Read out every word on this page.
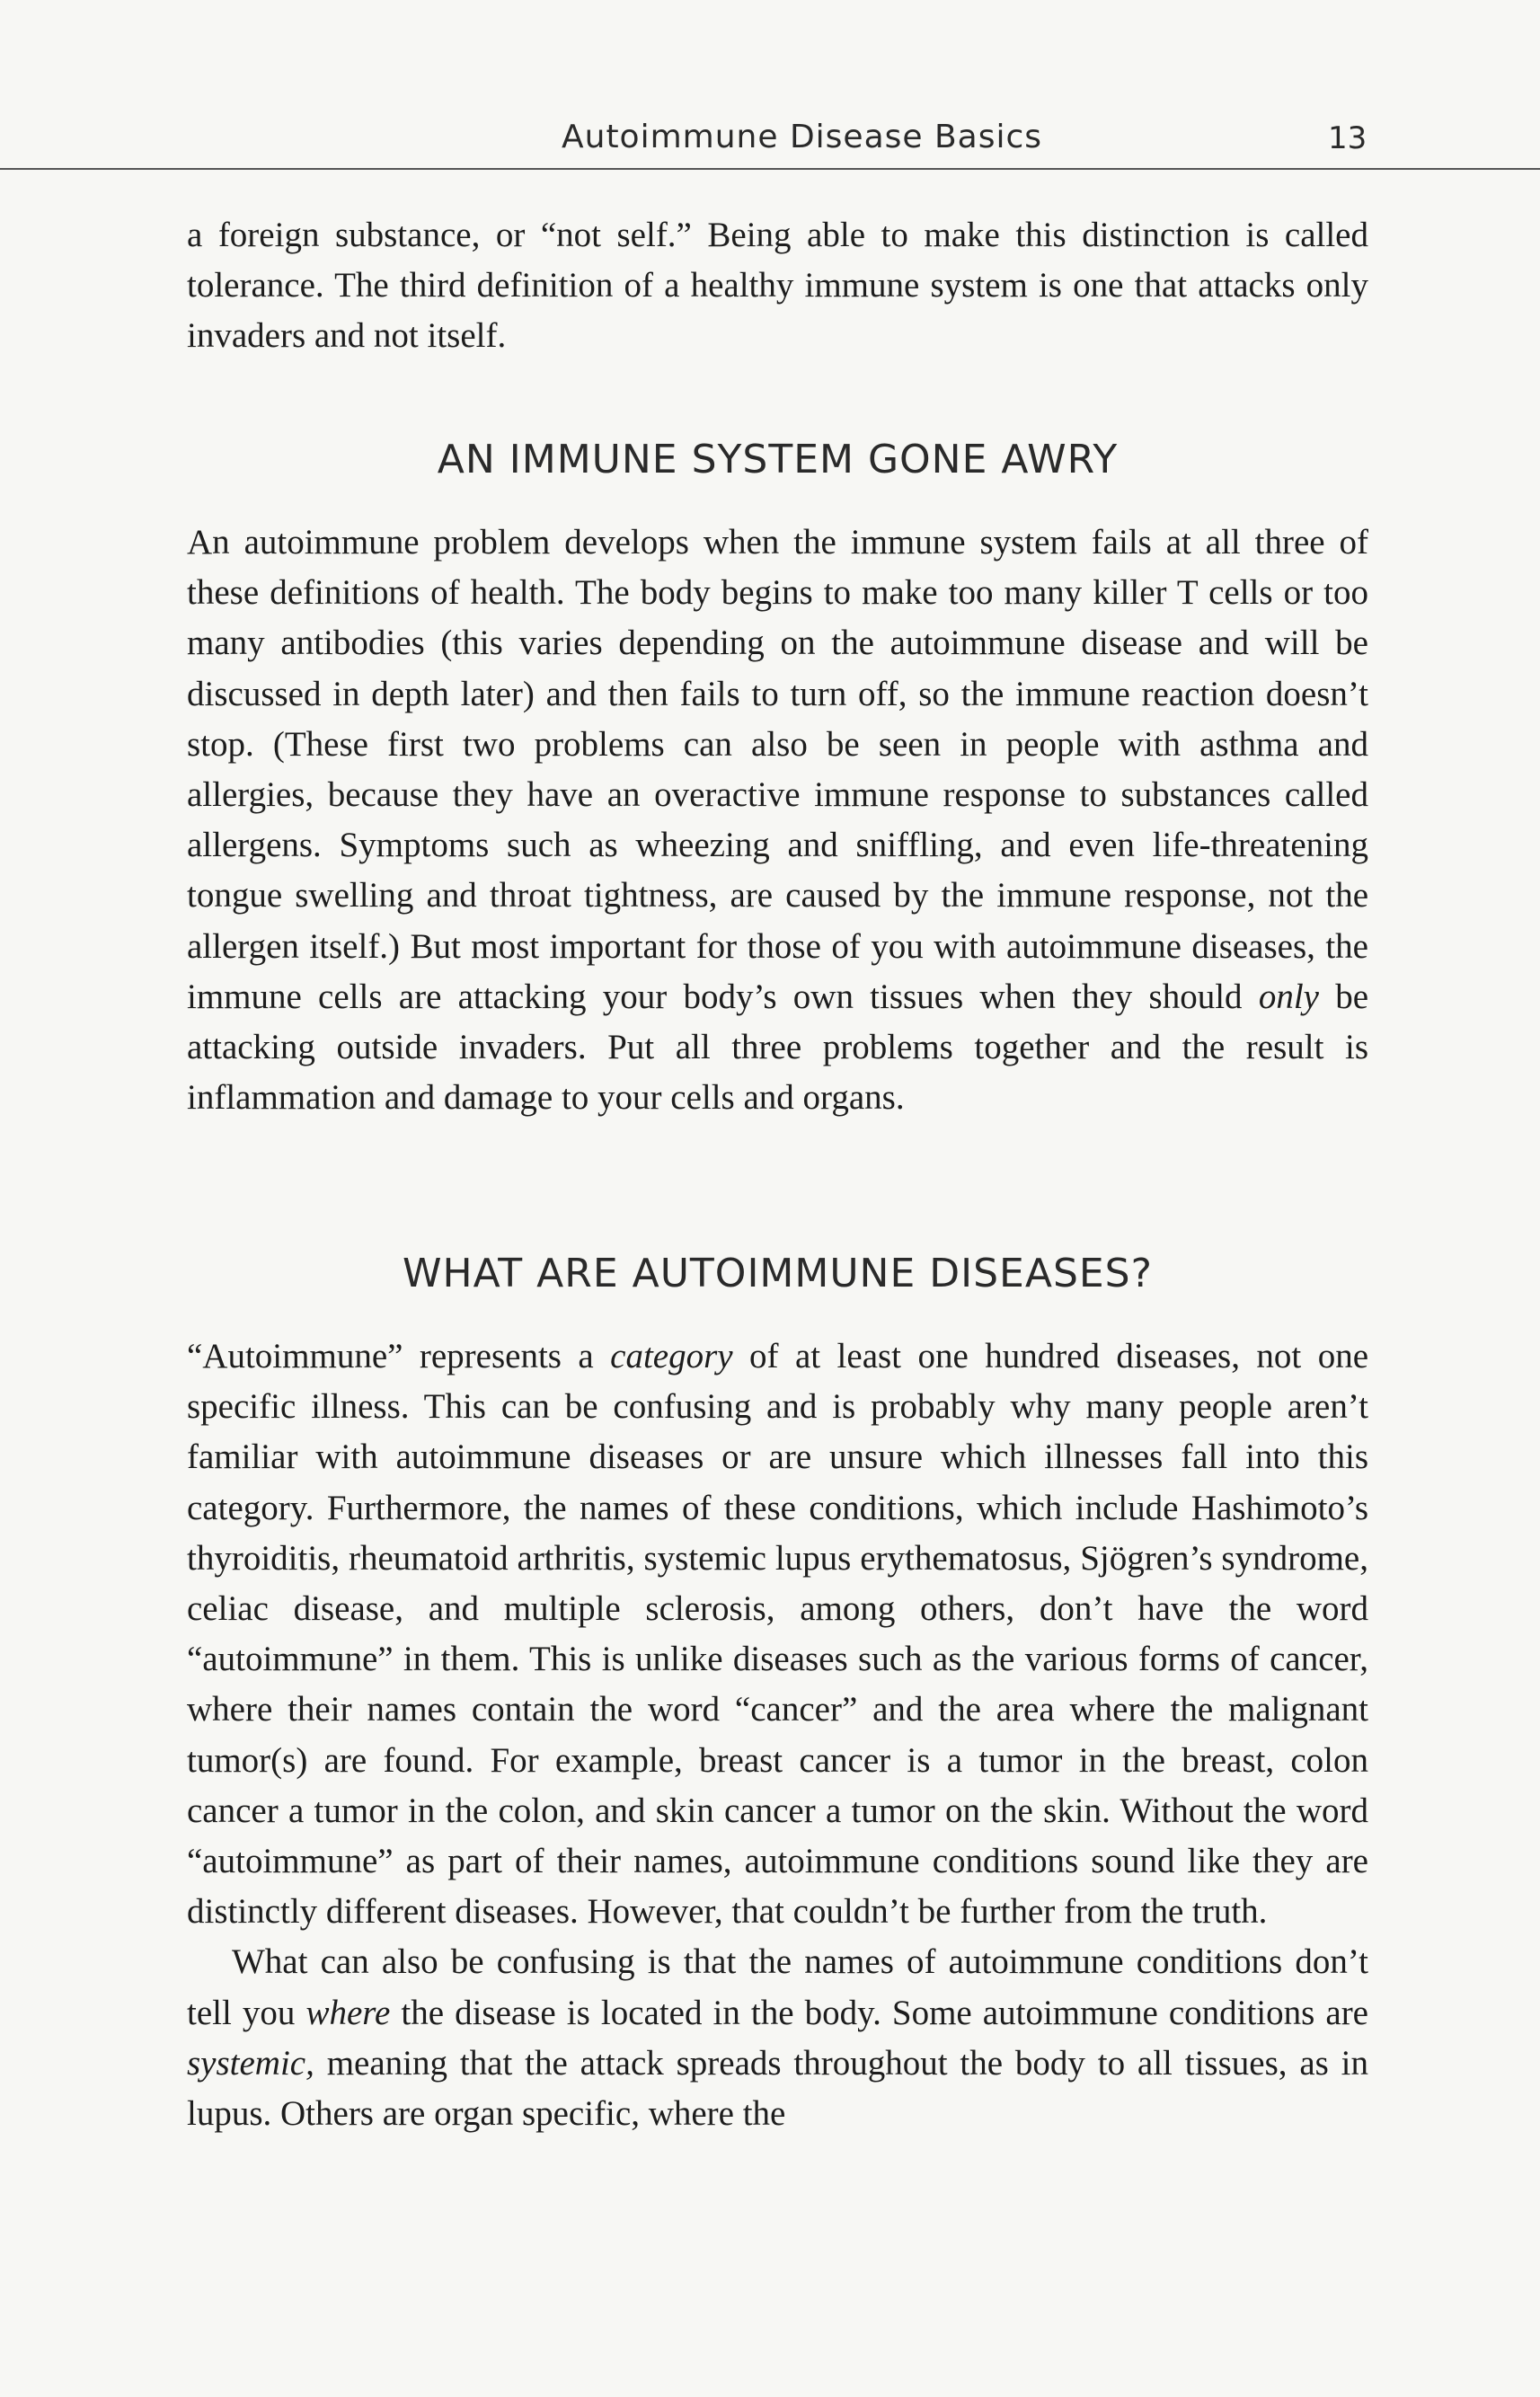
Autoimmune Disease Basics	13

a foreign substance, or “not self.” Being able to make this distinction is called tolerance. The third definition of a healthy immune system is one that attacks only invaders and not itself.

AN IMMUNE SYSTEM GONE AWRY

An autoimmune problem develops when the immune system fails at all three of these definitions of health. The body begins to make too many killer T cells or too many antibodies (this varies depending on the autoimmune disease and will be discussed in depth later) and then fails to turn off, so the immune reaction doesn’t stop. (These first two problems can also be seen in people with asthma and allergies, because they have an overactive immune response to substances called allergens. Symptoms such as wheezing and sniffling, and even life-threatening tongue swelling and throat tightness, are caused by the immune response, not the allergen itself.) But most important for those of you with autoimmune diseases, the immune cells are attacking your body’s own tissues when they should only be attacking outside invaders. Put all three problems together and the result is inflammation and damage to your cells and organs.

WHAT ARE AUTOIMMUNE DISEASES?

“Autoimmune” represents a category of at least one hundred diseases, not one specific illness. This can be confusing and is probably why many people aren’t familiar with autoimmune diseases or are unsure which illnesses fall into this category. Furthermore, the names of these conditions, which include Hashimoto’s thyroiditis, rheumatoid arthritis, systemic lupus erythematosus, Sjögren’s syndrome, celiac disease, and multiple sclerosis, among others, don’t have the word “autoimmune” in them. This is unlike diseases such as the various forms of cancer, where their names contain the word “cancer” and the area where the malignant tumor(s) are found. For example, breast cancer is a tumor in the breast, colon cancer a tumor in the colon, and skin cancer a tumor on the skin. Without the word “autoimmune” as part of their names, autoimmune conditions sound like they are distinctly different diseases. However, that couldn’t be further from the truth.

What can also be confusing is that the names of autoimmune conditions don’t tell you where the disease is located in the body. Some autoimmune conditions are systemic, meaning that the attack spreads throughout the body to all tissues, as in lupus. Others are organ specific, where the
